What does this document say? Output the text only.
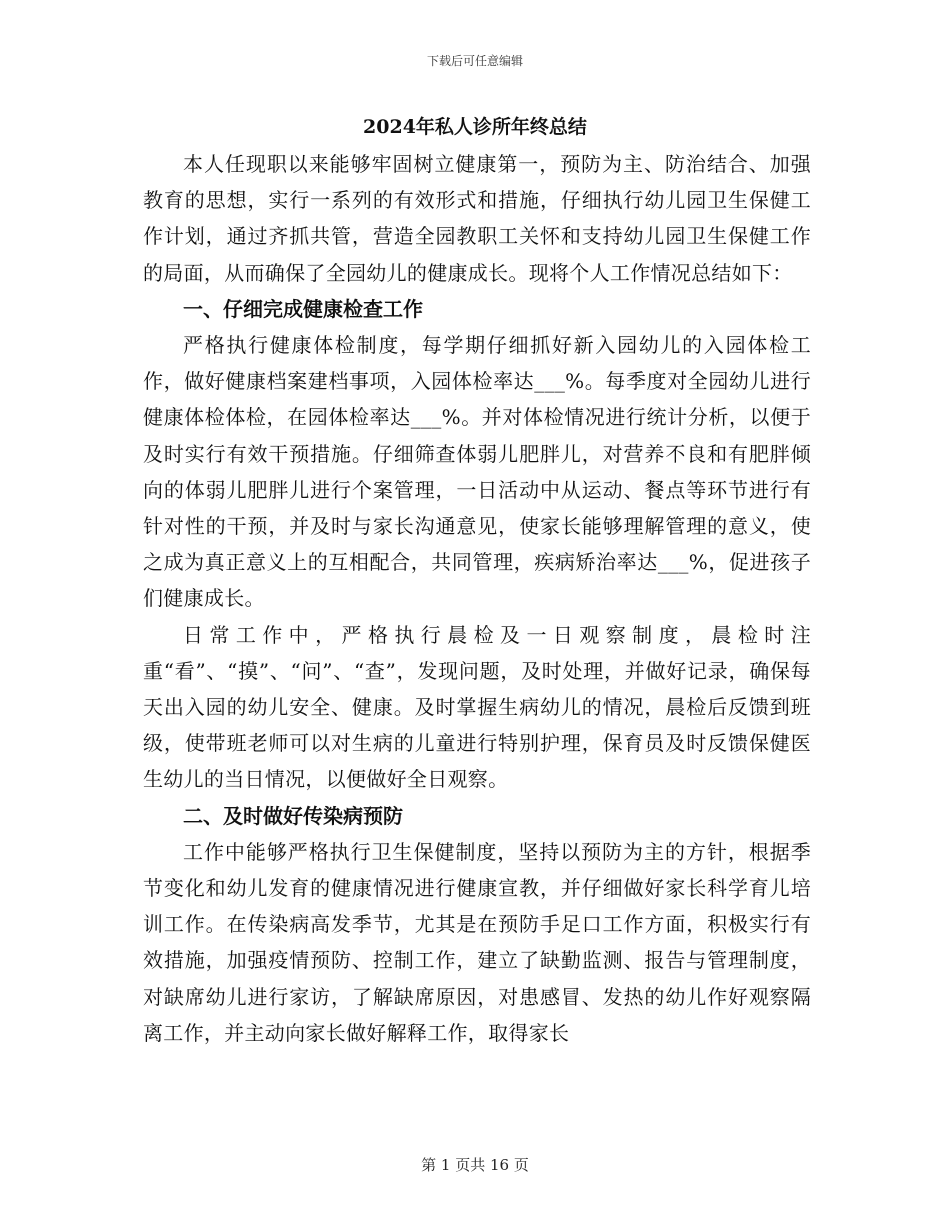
下载后可任意编辑
2024年私人诊所年终总结

本人任现职以来能够牢固树立健康第一，预防为主、防治结合、加强教育的思想，实行一系列的有效形式和措施，仔细执行幼儿园卫生保健工作计划，通过齐抓共管，营造全园教职工关怀和支持幼儿园卫生保健工作的局面，从而确保了全园幼儿的健康成长。现将个人工作情况总结如下：

一、仔细完成健康检查工作

严格执行健康体检制度，每学期仔细抓好新入园幼儿的入园体检工作，做好健康档案建档事项，入园体检率达___%。每季度对全园幼儿进行健康体检体检，在园体检率达___%。并对体检情况进行统计分析，以便于及时实行有效干预措施。仔细筛查体弱儿肥胖儿，对营养不良和有肥胖倾向的体弱儿肥胖儿进行个案管理，一日活动中从运动、餐点等环节进行有针对性的干预，并及时与家长沟通意见，使家长能够理解管理的意义，使之成为真正意义上的互相配合，共同管理，疾病矫治率达___%，促进孩子们健康成长。

日常工作中，严格执行晨检及一日观察制度，晨检时注重“看”、“摸”、“问”、“查”，发现问题，及时处理，并做好记录，确保每天出入园的幼儿安全、健康。及时掌握生病幼儿的情况，晨检后反馈到班级，使带班老师可以对生病的儿童进行特别护理，保育员及时反馈保健医生幼儿的当日情况，以便做好全日观察。

二、及时做好传染病预防

工作中能够严格执行卫生保健制度，坚持以预防为主的方针，根据季节变化和幼儿发育的健康情况进行健康宣教，并仔细做好家长科学育儿培训工作。在传染病高发季节，尤其是在预防手足口工作方面，积极实行有效措施，加强疫情预防、控制工作，建立了缺勤监测、报告与管理制度，对缺席幼儿进行家访，了解缺席原因，对患感冒、发热的幼儿作好观察隔离工作，并主动向家长做好解释工作，取得家长

第 1 页共 16 页
